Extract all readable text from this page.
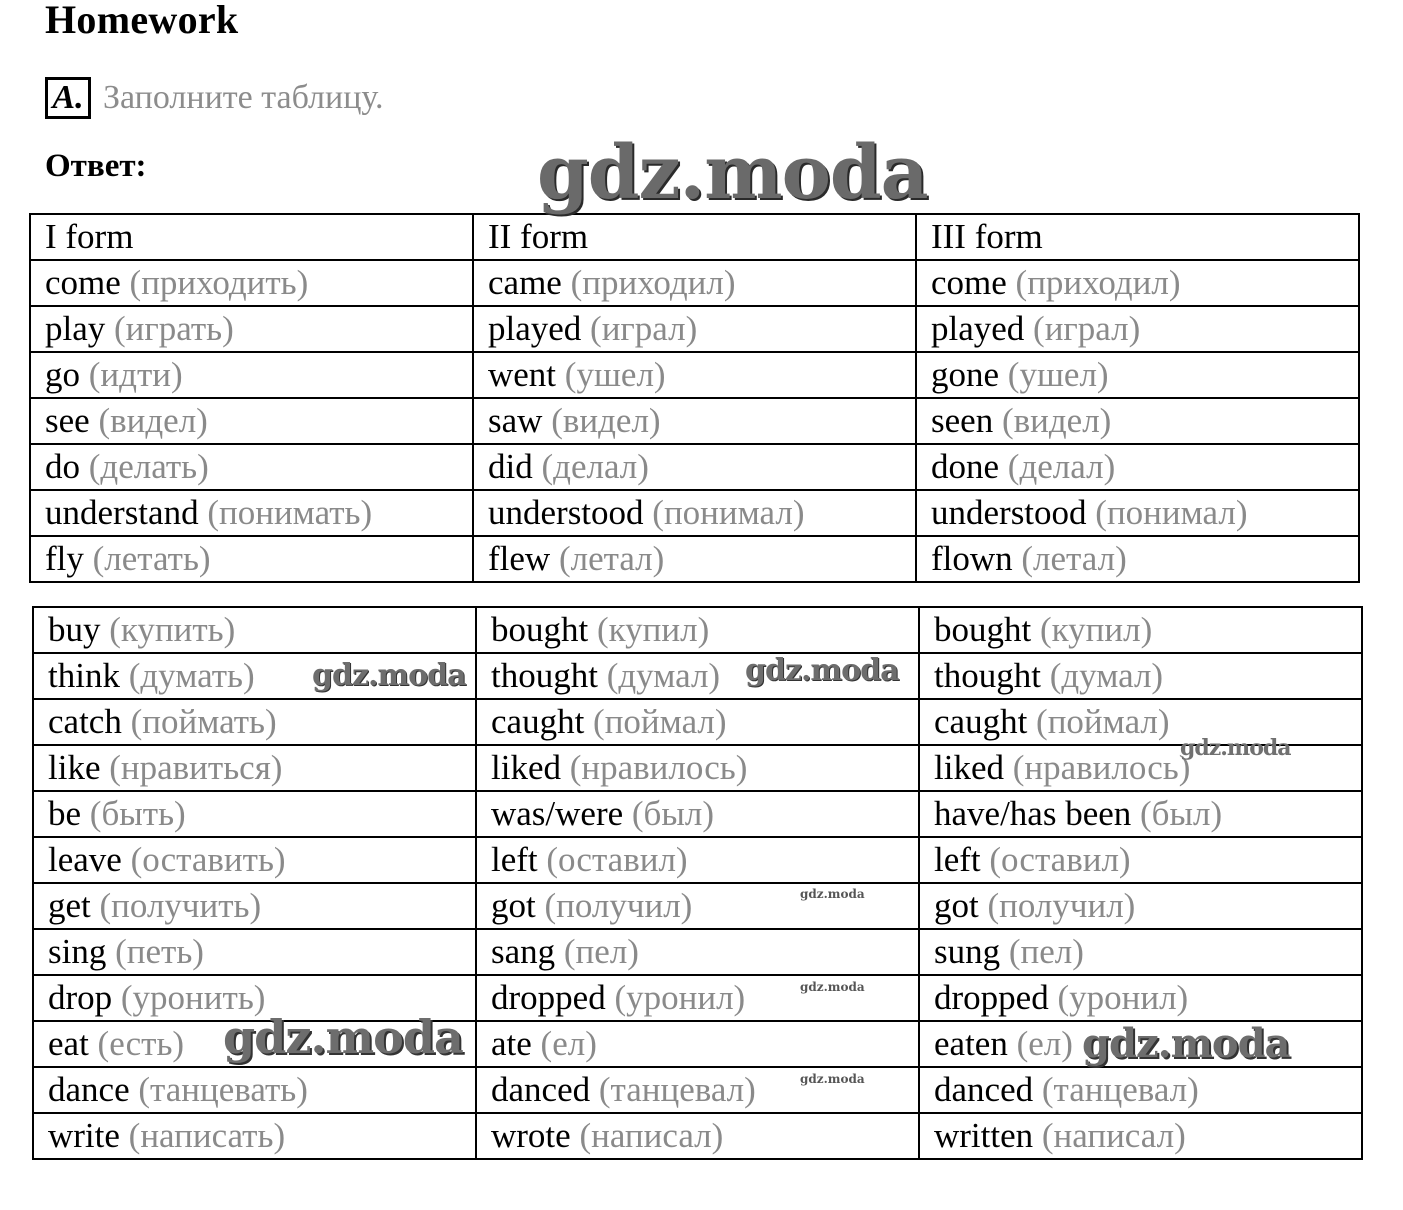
Homework
A. Заполните таблицу.
Ответ:
I form	II form	III form
come (приходить)	came (приходил)	come (приходил)
play (играть)	played (играл)	played (играл)
go (идти)	went (ушел)	gone (ушел)
see (видел)	saw (видел)	seen (видел)
do (делать)	did (делал)	done (делал)
understand (понимать)	understood (понимал)	understood (понимал)
fly (летать)	flew (летал)	flown (летал)
buy (купить)	bought (купил)	bought (купил)
think (думать)	thought (думал)	thought (думал)
catch (поймать)	caught (поймал)	caught (поймал)
like (нравиться)	liked (нравилось)	liked (нравилось)
be (быть)	was/were (был)	have/has been (был)
leave (оставить)	left (оставил)	left (оставил)
get (получить)	got (получил)	got (получил)
sing (петь)	sang (пел)	sung (пел)
drop (уронить)	dropped (уронил)	dropped (уронил)
eat (есть)	ate (ел)	eaten (ел)
dance (танцевать)	danced (танцевал)	danced (танцевал)
write (написать)	wrote (написал)	written (написал)
gdz.moda
gdz.moda	gdz.moda
gdz.moda
gdz.moda
gdz.moda
gdz.moda
gdz.moda
gdz.moda
